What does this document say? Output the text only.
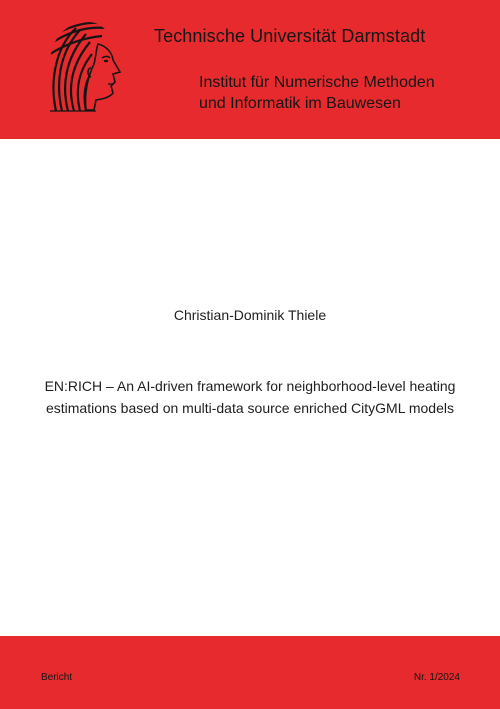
Technische Universität Darmstadt
Institut für Numerische Methoden
und Informatik im Bauwesen
Christian-Dominik Thiele
EN:RICH – An AI-driven framework for neighborhood-level heating
estimations based on multi-data source enriched CityGML models
Bericht	Nr. 1/2024
